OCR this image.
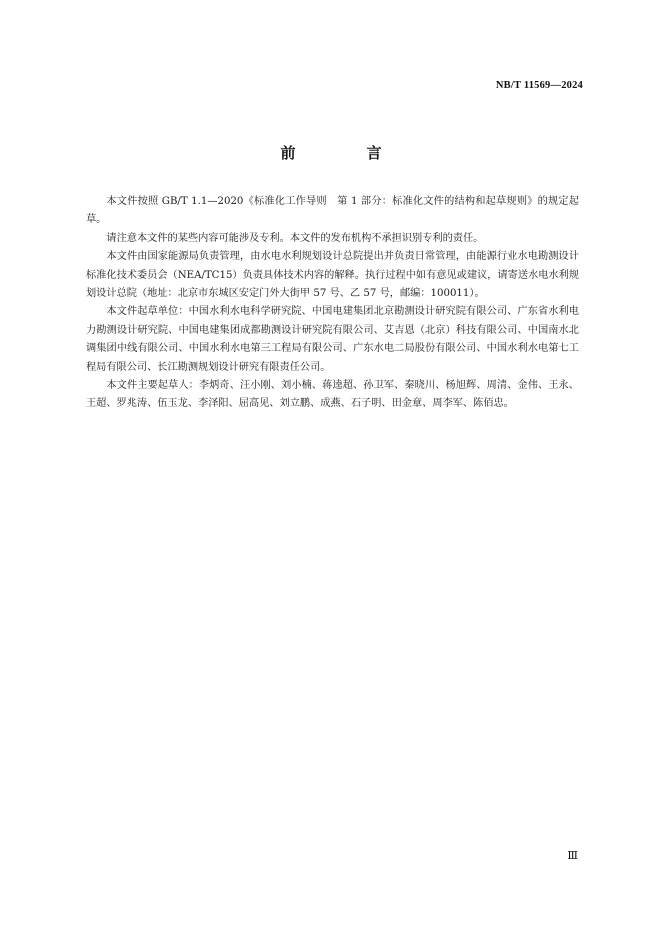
NB/T 11569—2024
前　言

本文件按照 GB/T 1.1—2020《标准化工作导则　第 1 部分：标准化文件的结构和起草规则》的规定起草。

请注意本文件的某些内容可能涉及专利。本文件的发布机构不承担识别专利的责任。

本文件由国家能源局负责管理，由水电水利规划设计总院提出并负责日常管理，由能源行业水电勘测设计标准化技术委员会（NEA/TC15）负责具体技术内容的解释。执行过程中如有意见或建议，请寄送水电水利规划设计总院（地址：北京市东城区安定门外大街甲 57 号、乙 57 号，邮编：100011）。

本文件起草单位：中国水利水电科学研究院、中国电建集团北京勘测设计研究院有限公司、广东省水利电力勘测设计研究院、中国电建集团成都勘测设计研究院有限公司、艾吉恩（北京）科技有限公司、中国南水北调集团中线有限公司、中国水利水电第三工程局有限公司、广东水电二局股份有限公司、中国水利水电第七工程局有限公司、长江勘测规划设计研究有限责任公司。

本文件主要起草人：李炳奇、汪小刚、刘小楠、蒋逵超、孙卫军、秦晓川、杨旭辉、周清、金伟、王永、王超、罗兆涛、伍玉龙、李泽阳、屈高见、刘立鹏、成燕、石子明、田金章、周李军、陈佰忠。

Ⅲ
